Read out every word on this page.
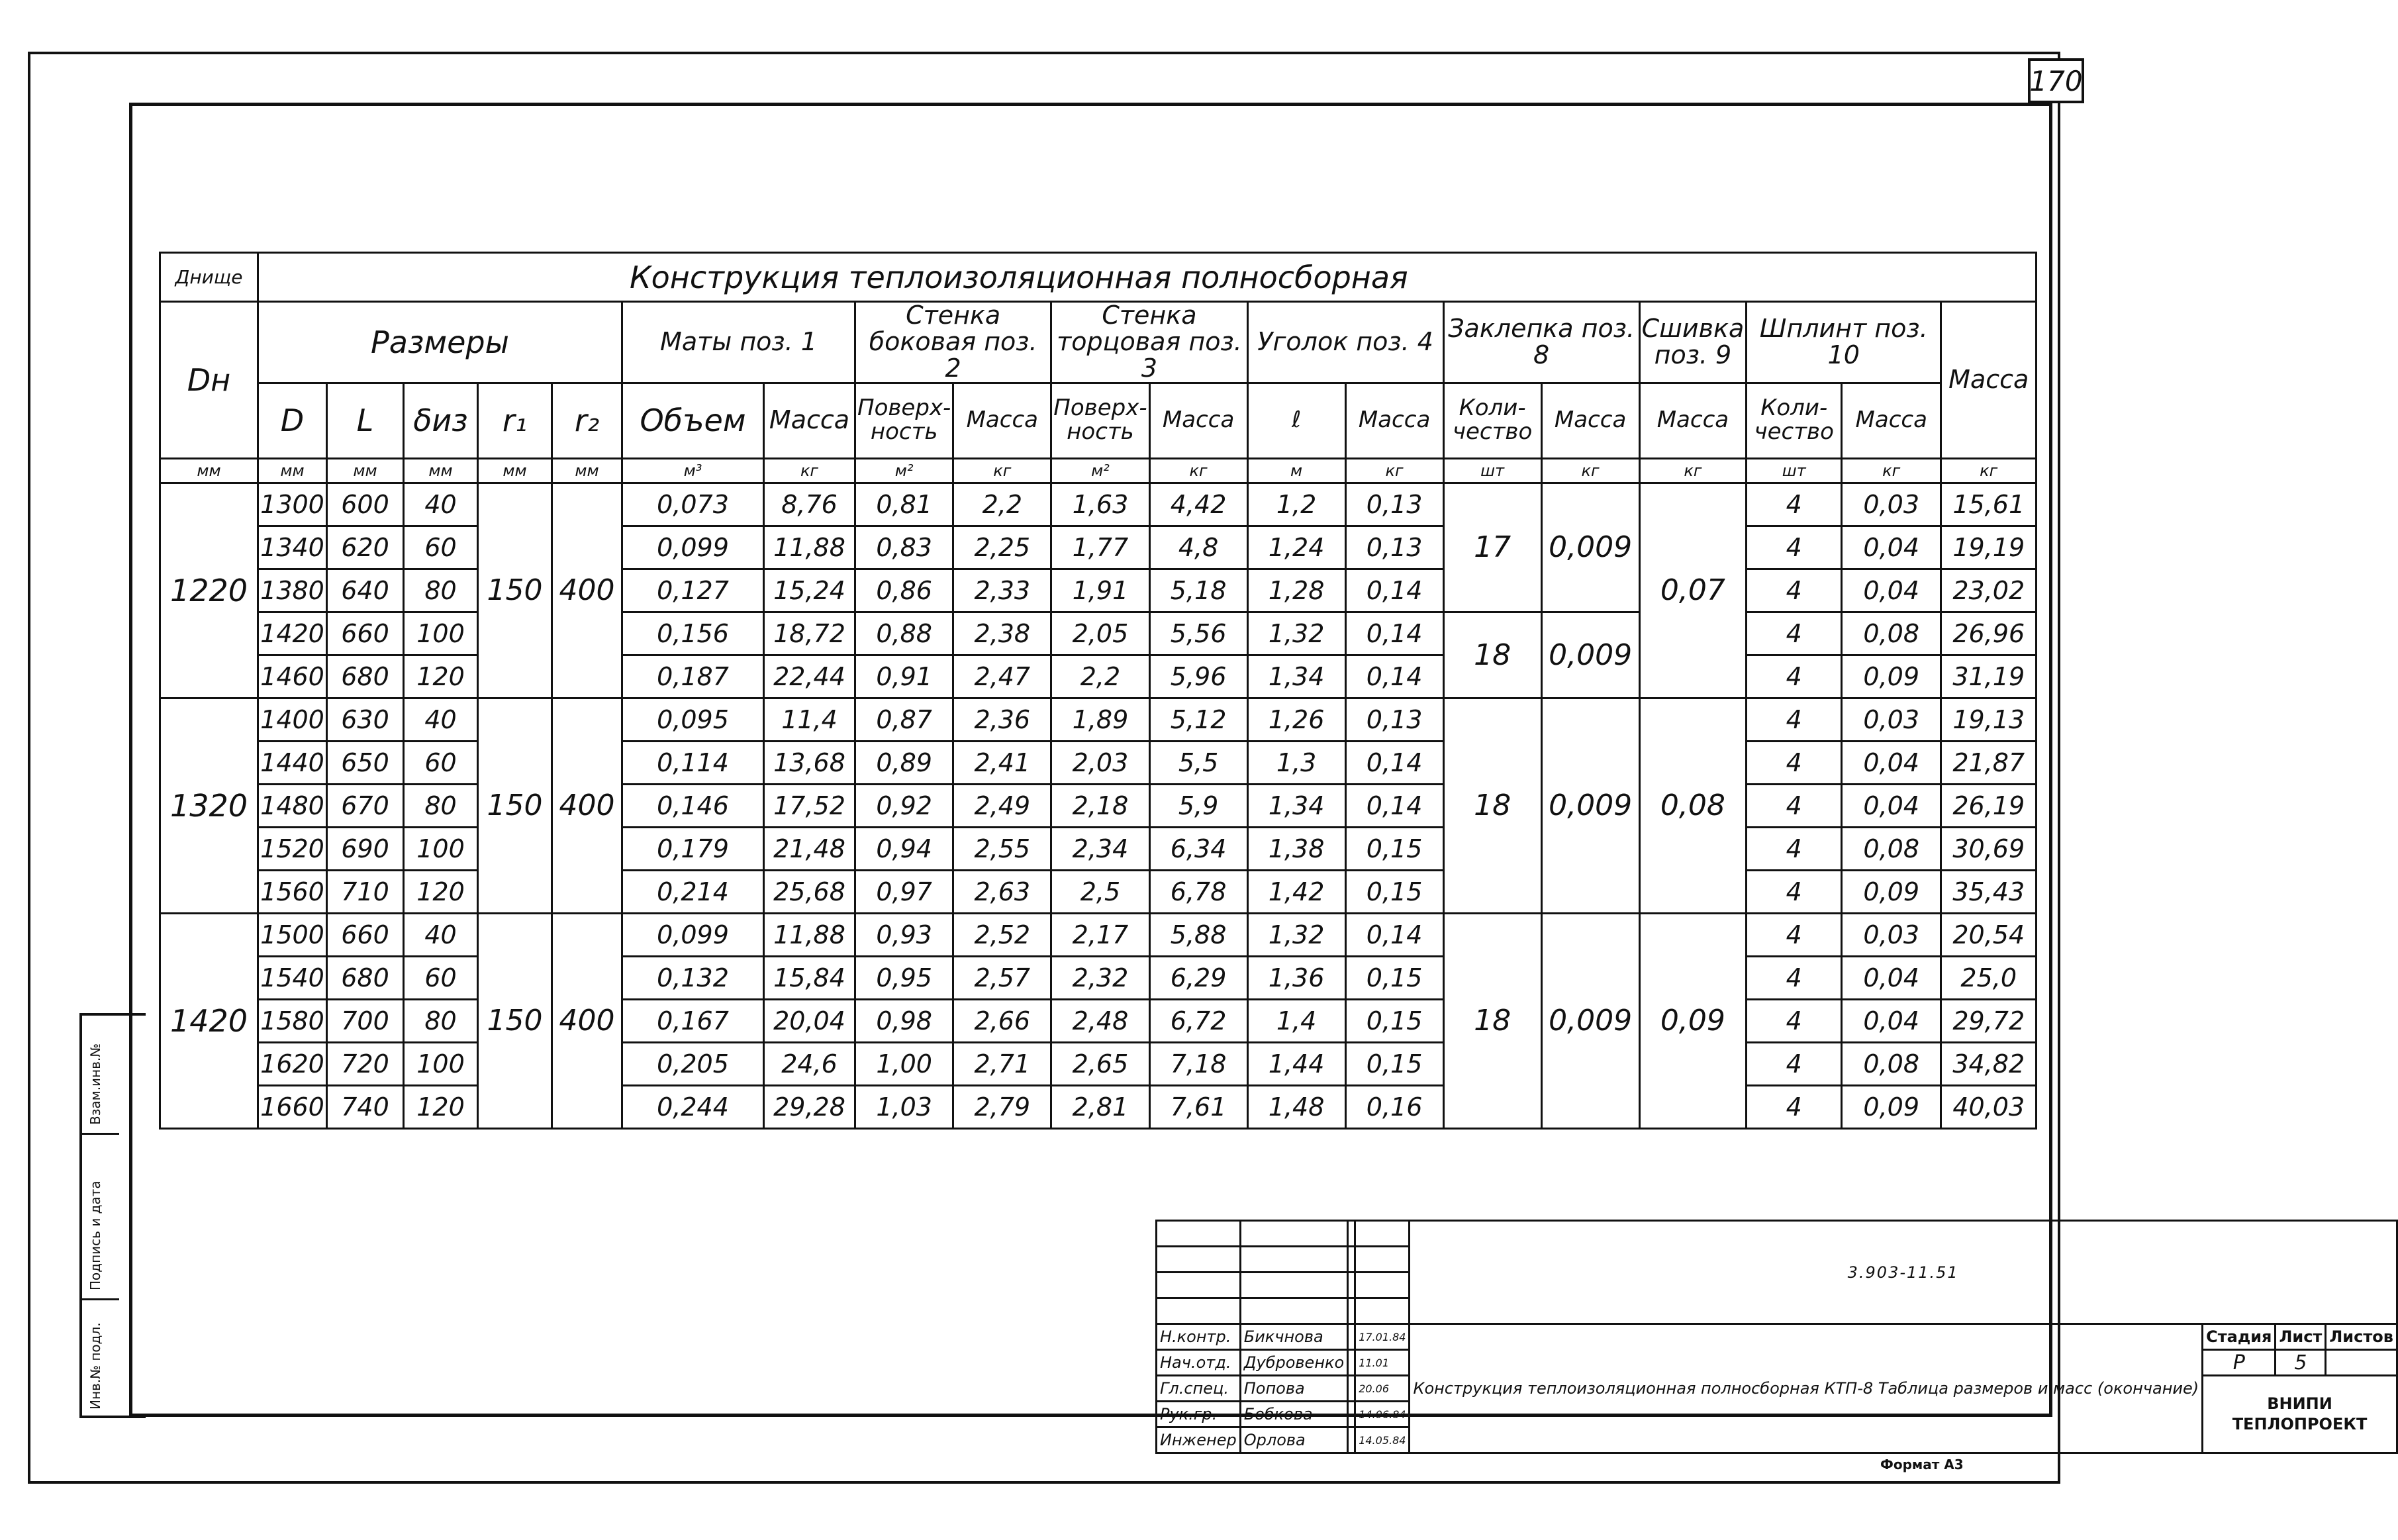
170
Взам.инв.№
Подпись и дата
Инв.№ подл.
Днище	Конструкция теплоизоляционная полносборная																		
Dн	Размеры					Маты поз. 1		Стенка боковая поз. 2		Стенка торцовая поз. 3		Уголок поз. 4		Заклепка поз. 8		Сшивка поз. 9	Шплинт поз. 10		Масса
	D	L	δиз	r₁	r₂	Объем	Масса	Поверх-ность	Масса	Поверх-ность	Масса	ℓ	Масса	Коли-чество	Масса	Масса	Коли-чество	Масса	
мм	мм	мм	мм	мм	мм	м³	кг	м²	кг	м²	кг	м	кг	шт	кг	кг	шт	кг	кг
1220	1300	600	40	150	400	0,073	8,76	0,81	2,2	1,63	4,42	1,2	0,13	17	0,009	0,07	4	0,03	15,61
	1340	620	60			0,099	11,88	0,83	2,25	1,77	4,8	1,24	0,13				4	0,04	19,19
	1380	640	80			0,127	15,24	0,86	2,33	1,91	5,18	1,28	0,14				4	0,04	23,02
	1420	660	100			0,156	18,72	0,88	2,38	2,05	5,56	1,32	0,14	18	0,009		4	0,08	26,96
	1460	680	120			0,187	22,44	0,91	2,47	2,2	5,96	1,34	0,14				4	0,09	31,19
1320	1400	630	40	150	400	0,095	11,4	0,87	2,36	1,89	5,12	1,26	0,13	18	0,009	0,08	4	0,03	19,13
	1440	650	60			0,114	13,68	0,89	2,41	2,03	5,5	1,3	0,14				4	0,04	21,87
	1480	670	80			0,146	17,52	0,92	2,49	2,18	5,9	1,34	0,14				4	0,04	26,19
	1520	690	100			0,179	21,48	0,94	2,55	2,34	6,34	1,38	0,15				4	0,08	30,69
	1560	710	120			0,214	25,68	0,97	2,63	2,5	6,78	1,42	0,15				4	0,09	35,43
1420	1500	660	40	150	400	0,099	11,88	0,93	2,52	2,17	5,88	1,32	0,14	18	0,009	0,09	4	0,03	20,54
	1540	680	60			0,132	15,84	0,95	2,57	2,32	6,29	1,36	0,15				4	0,04	25,0
	1580	700	80			0,167	20,04	0,98	2,66	2,48	6,72	1,4	0,15				4	0,04	29,72
	1620	720	100			0,205	24,6	1,00	2,71	2,65	7,18	1,44	0,15				4	0,08	34,82
	1660	740	120			0,244	29,28	1,03	2,79	2,81	7,61	1,48	0,16				4	0,09	40,03
				3.903-11.51			

Н.контр.	Бикчнова		17.01.84	Конструкция теплоизоляционная полносборная КТП-8 Таблица размеров и масс (окончание)	Стадия	Лист	Листов
Нач.отд.	Дубровенко		11.01		Р	5	
Гл.спец.	Попова		20.06		ВНИПИ ТЕПЛОПРОЕКТ		
Рук.гр.	Бобкова		14.06.84				
Инженер	Орлова		14.05.84				
Формат А3
